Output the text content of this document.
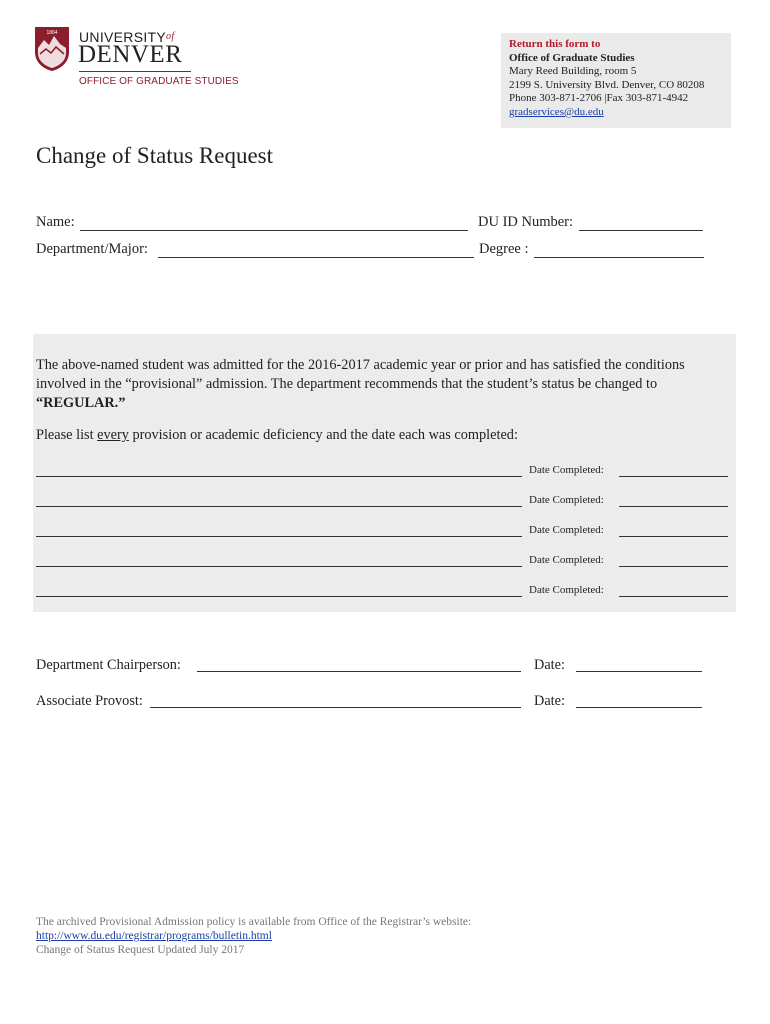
1864 $UNIVERSITY^{of}$
DENVER
OFFICE OF GRADUATE STUDIES
Return this form to
Office of Graduate Studies
Mary Reed Building, room 5
2199 S. University Blvd. Denver, CO 80208
Phone 303-871-2706 |Fax 303-871-4942
gradservices@du.edu
Change of Status Request
Name:	DU ID Number:
Department/Major:	Degree :
The above-named student was admitted for the 2016-2017 academic year or prior and has satisfied the conditions involved in the “provisional” admission. The department recommends that the student’s status be changed to
“REGULAR.”
Please list every provision or academic deficiency and the date each was completed:
Date Completed:
Date Completed:
Date Completed:
Date Completed:
Date Completed:
Department Chairperson:	Date:
Associate Provost:	Date:
The archived Provisional Admission policy is available from Office of the Registrar’s website:
http://www.du.edu/registrar/programs/bulletin.html
Change of Status Request Updated July 2017
